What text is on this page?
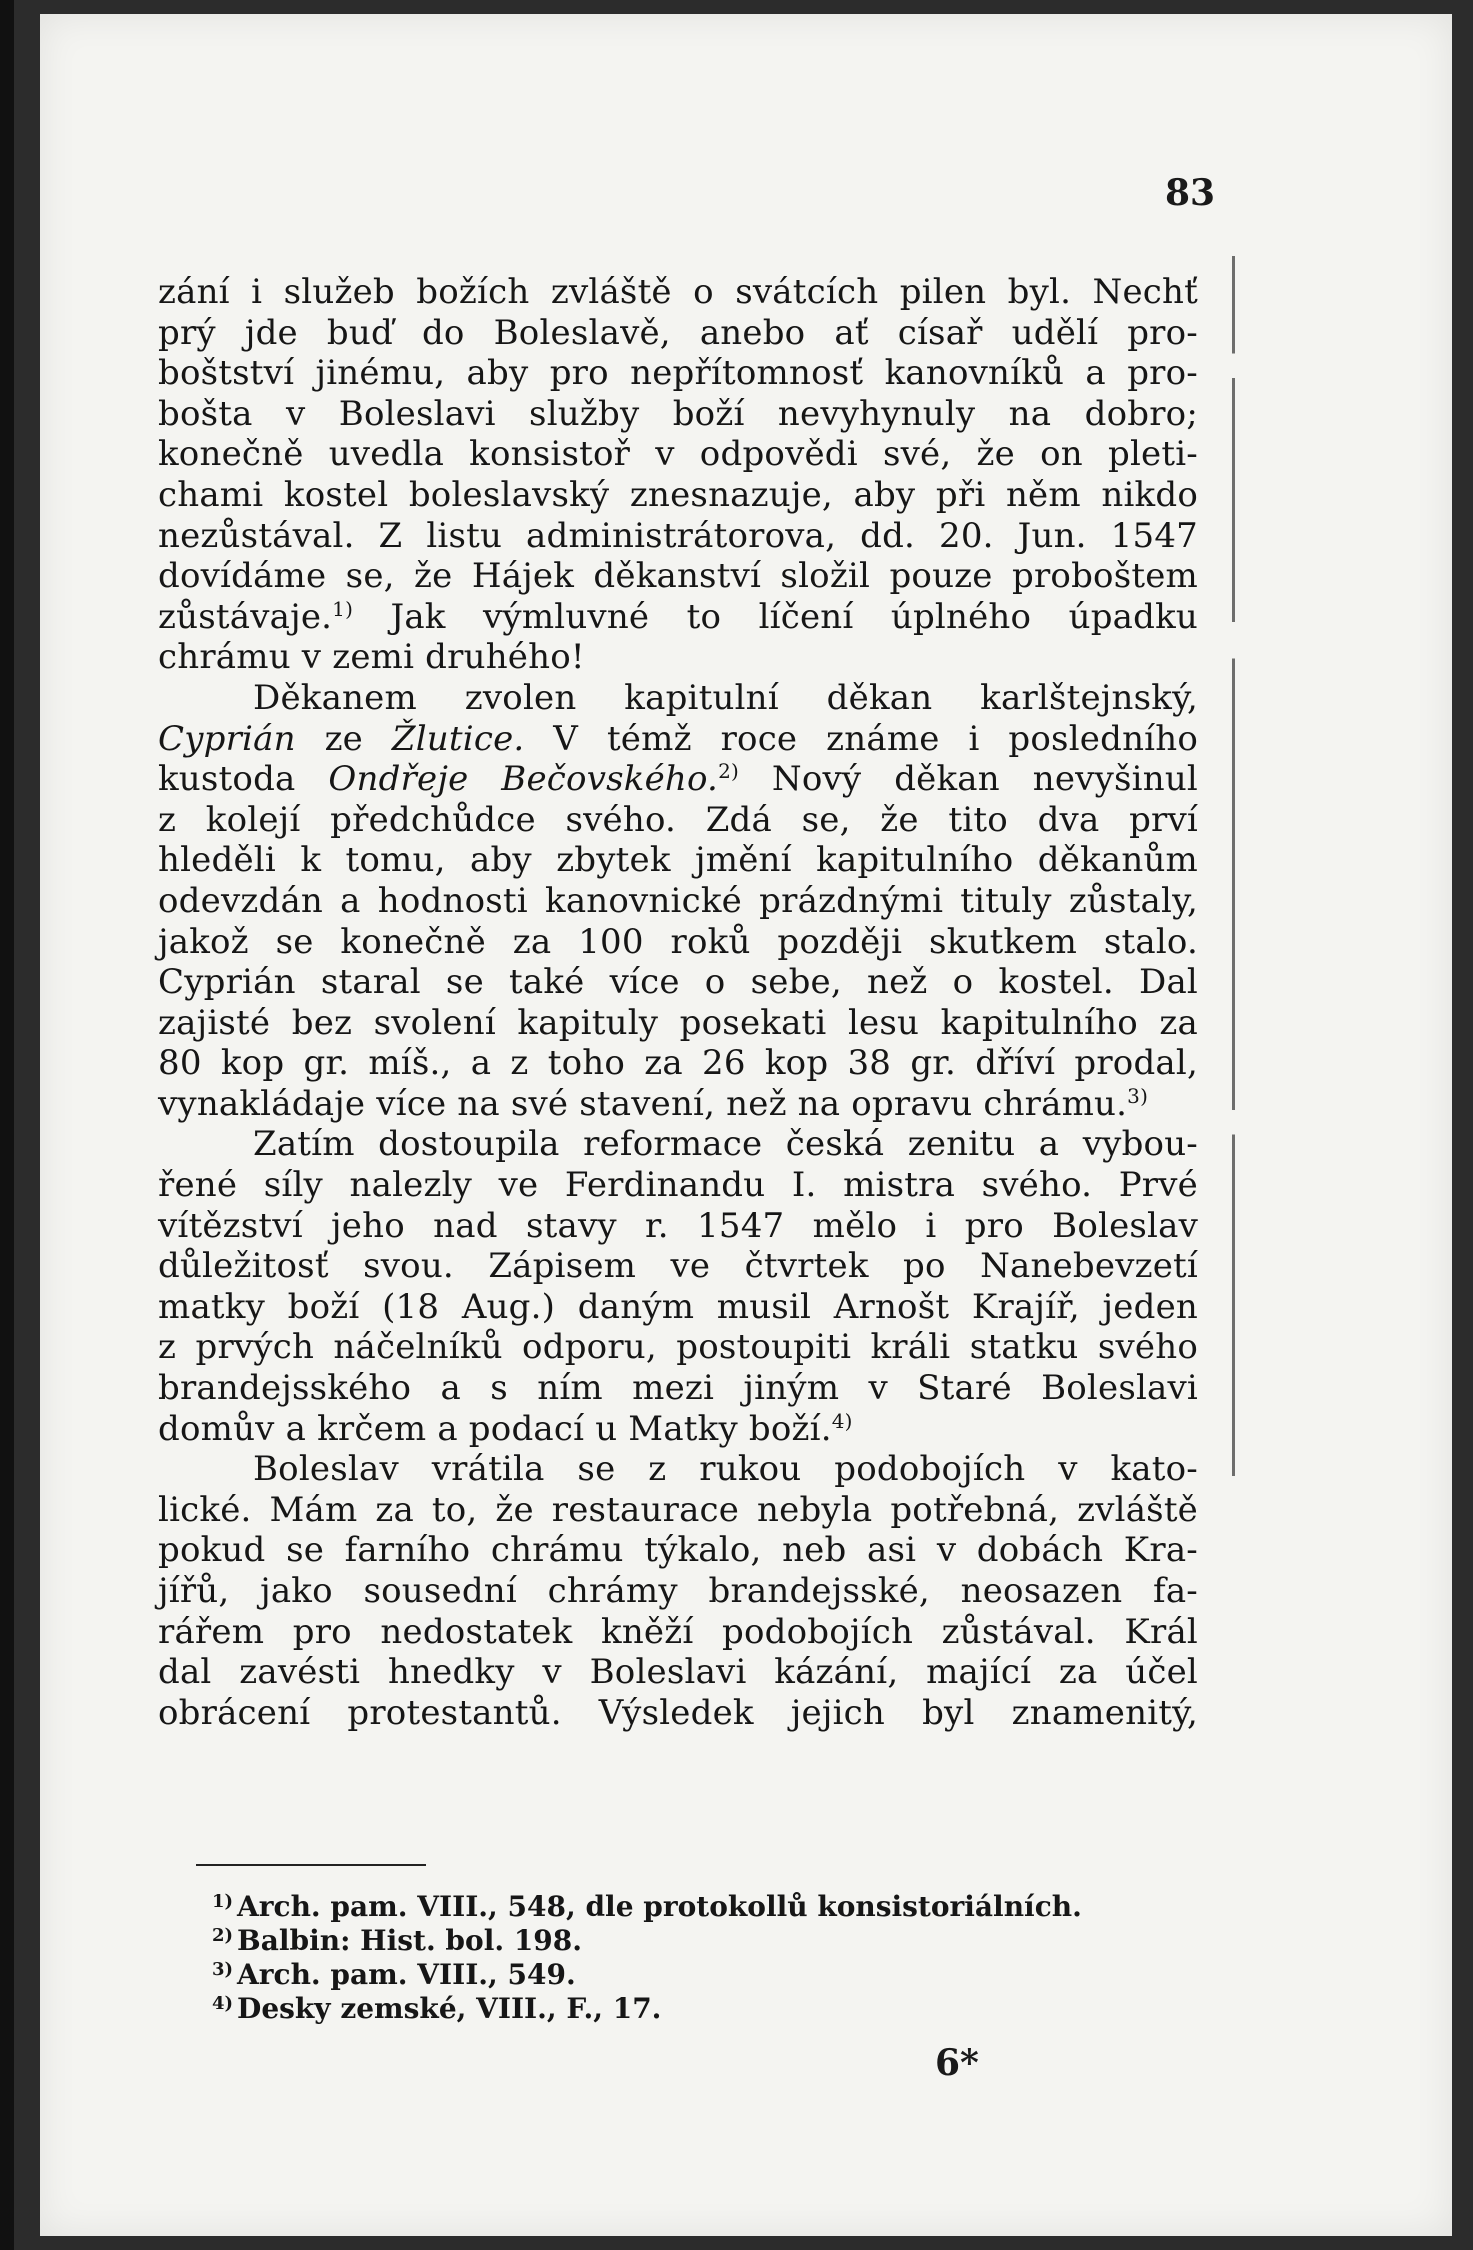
83
zání i služeb božích zvláště o svátcích pilen byl. Nechť
prý jde buď do Boleslavě, anebo ať císař udělí pro-
boštství jinému, aby pro nepřítomnosť kanovníků a pro-
bošta v Boleslavi služby boží nevyhynuly na dobro;
konečně uvedla konsistoř v odpovědi své, že on pleti-
chami kostel boleslavský znesnazuje, aby při něm nikdo
nezůstával. Z listu administrátorova, dd. 20. Jun. 1547
dovídáme se, že Hájek děkanství složil pouze proboštem
zůstávaje.$^{1)}$ Jak výmluvné to líčení úplného úpadku
chrámu v zemi druhého!
Děkanem zvolen kapitulní děkan karlštejnský,
Cyprián ze Žlutice. V témž roce známe i posledního
kustoda Ondřeje Bečovského.$^{2)}$ Nový děkan nevyšinul
z kolejí předchůdce svého. Zdá se, že tito dva prví
hleděli k tomu, aby zbytek jmění kapitulního děkanům
odevzdán a hodnosti kanovnické prázdnými tituly zůstaly,
jakož se konečně za 100 roků později skutkem stalo.
Cyprián staral se také více o sebe, než o kostel. Dal
zajisté bez svolení kapituly posekati lesu kapitulního za
80 kop gr. míš., a z toho za 26 kop 38 gr. dříví prodal,
vynakládaje více na své stavení, než na opravu chrámu.$^{3)}$
Zatím dostoupila reformace česká zenitu a vybou-
řené síly nalezly ve Ferdinandu I. mistra svého. Prvé
vítězství jeho nad stavy r. 1547 mělo i pro Boleslav
důležitosť svou. Zápisem ve čtvrtek po Nanebevzetí
matky boží (18 Aug.) daným musil Arnošt Krajíř, jeden
z prvých náčelníků odporu, postoupiti králi statku svého
brandejsského a s ním mezi jiným v Staré Boleslavi
domův a krčem a podací u Matky boží.$^{4)}$
Boleslav vrátila se z rukou podobojích v kato-
lické. Mám za to, že restaurace nebyla potřebná, zvláště
pokud se farního chrámu týkalo, neb asi v dobách Kra-
jířů, jako sousední chrámy brandejsské, neosazen fa-
rářem pro nedostatek kněží podobojích zůstával. Král
dal zavésti hnedky v Boleslavi kázání, mající za účel
obrácení protestantů. Výsledek jejich byl znamenitý,
$^{1)}$ Arch. pam. VIII., 548, dle protokollů konsistoriálních.
$^{2)}$ Balbin: Hist. bol. 198.
$^{3)}$ Arch. pam. VIII., 549.
$^{4)}$ Desky zemské, VIII., F., 17.
6*
